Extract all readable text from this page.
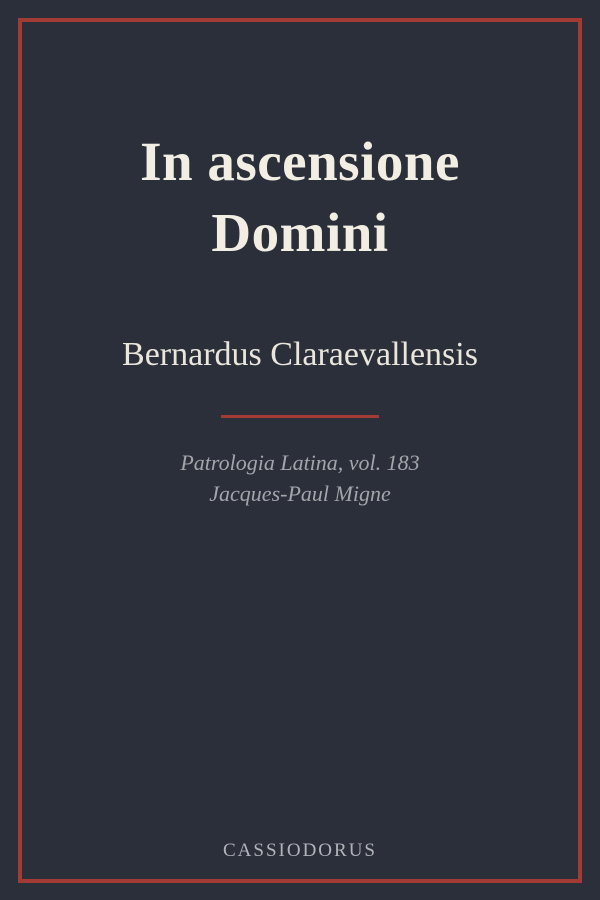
In ascensione Domini
Bernardus Claraevallensis
Patrologia Latina, vol. 183
Jacques-Paul Migne
CASSIODORUS
